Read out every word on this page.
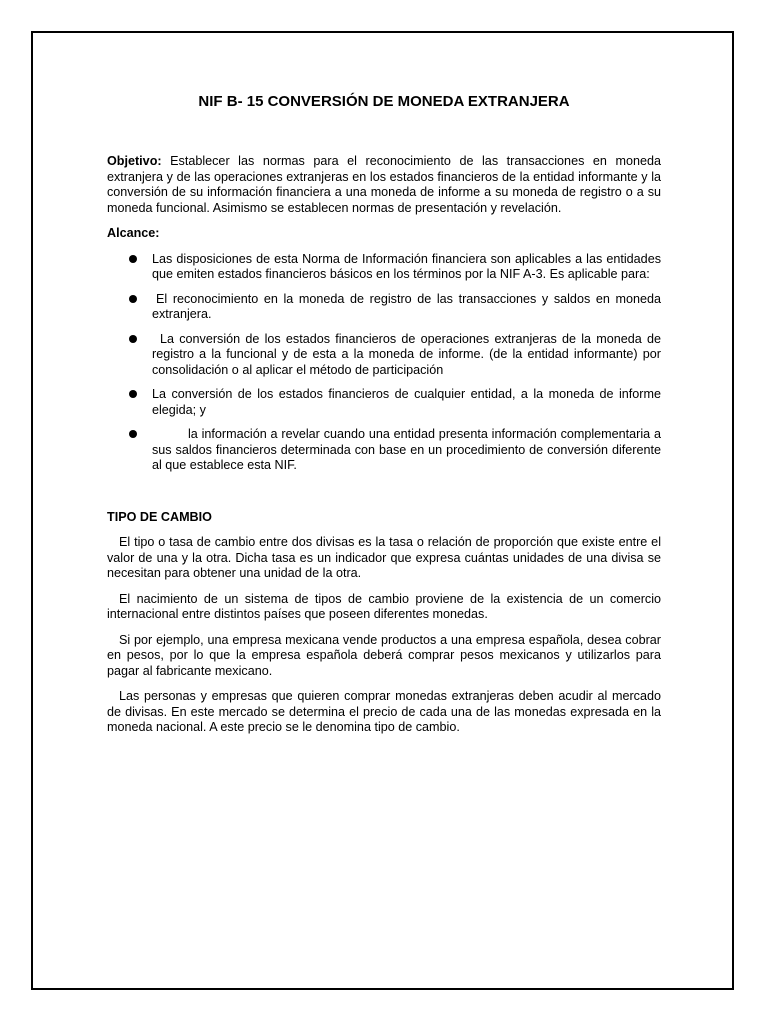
NIF B- 15 CONVERSIÓN DE MONEDA EXTRANJERA

Objetivo: Establecer las normas para el reconocimiento de las transacciones en moneda extranjera y de las operaciones extranjeras en los estados financieros de la entidad informante y la conversión de su información financiera a una moneda de informe a su moneda de registro o a su moneda funcional. Asimismo se establecen normas de presentación y revelación.

Alcance:

Las disposiciones de esta Norma de Información financiera son aplicables a las entidades que emiten estados financieros básicos en los términos por la NIF A-3. Es aplicable para:
El reconocimiento en la moneda de registro de las transacciones y saldos en moneda extranjera.
La conversión de los estados financieros de operaciones extranjeras de la moneda de registro a la funcional y de esta a la moneda de informe. (de la entidad informante) por consolidación o al aplicar el método de participación
La conversión de los estados financieros de cualquier entidad, a la moneda de informe elegida; y
la información a revelar cuando una entidad presenta información complementaria a sus saldos financieros determinada con base en un procedimiento de conversión diferente al que establece esta NIF.

TIPO DE CAMBIO

El tipo o tasa de cambio entre dos divisas es la tasa o relación de proporción que existe entre el valor de una y la otra. Dicha tasa es un indicador que expresa cuántas unidades de una divisa se necesitan para obtener una unidad de la otra.

El nacimiento de un sistema de tipos de cambio proviene de la existencia de un comercio internacional entre distintos países que poseen diferentes monedas.

Si por ejemplo, una empresa mexicana vende productos a una empresa española, desea cobrar en pesos, por lo que la empresa española deberá comprar pesos mexicanos y utilizarlos para pagar al fabricante mexicano.

Las personas y empresas que quieren comprar monedas extranjeras deben acudir al mercado de divisas. En este mercado se determina el precio de cada una de las monedas expresada en la moneda nacional. A este precio se le denomina tipo de cambio.
